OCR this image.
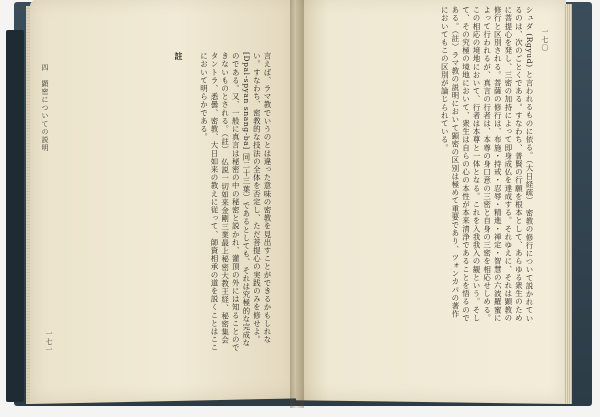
四　顕密についての説明
一七一
一七〇
註	言えば、ラマ教でいうのとは違った意味の密教を見出すことができるかもしれない。すなわち、密教的な技法の全体を否定し、ただ菩提心の実践のみを修せよ。[Dpal-spyan snang-ba] 同二十三葉）であるとしても、それは究極的な完成なのである。又、一般に真言は秘密の中の秘密と説かれ、灌頂の外には知ることのできないものとされる。（註）　仏説一切如来金剛三業最上秘密大教王経、秘密集会タントラ、悉曇、密教、大日如来の教えに従って、師資相承の道を説くことはここにおいて明らかである。	シュダ (Rgyud) と言われるものに依る。（大日経疏）　密教の修行について説かれているのは、次のごとくである。すなわち、普賢の行願を根本として、あらゆる衆生のために菩提心を発し、三密の加持によって即身成仏を達成する。それゆえに、それは顕教の修行と区別される。菩薩の修行は、布施・持戒・忍辱・精進・禅定・智慧の六波羅蜜によって行われるが、真言の行者は、本尊の身口意の三密と自身の三密を相応せしめる。この相応の境地において、行者は本尊と一体となる。これを入我我入の観という。そして、その究極の境地において、衆生は自らの心の本性が本来清浄であることを悟るのである。（註）ラマ教の説明において顕密の区別は極めて重要であり、ツォンカパの著作においてもこの区別が論じられている。
